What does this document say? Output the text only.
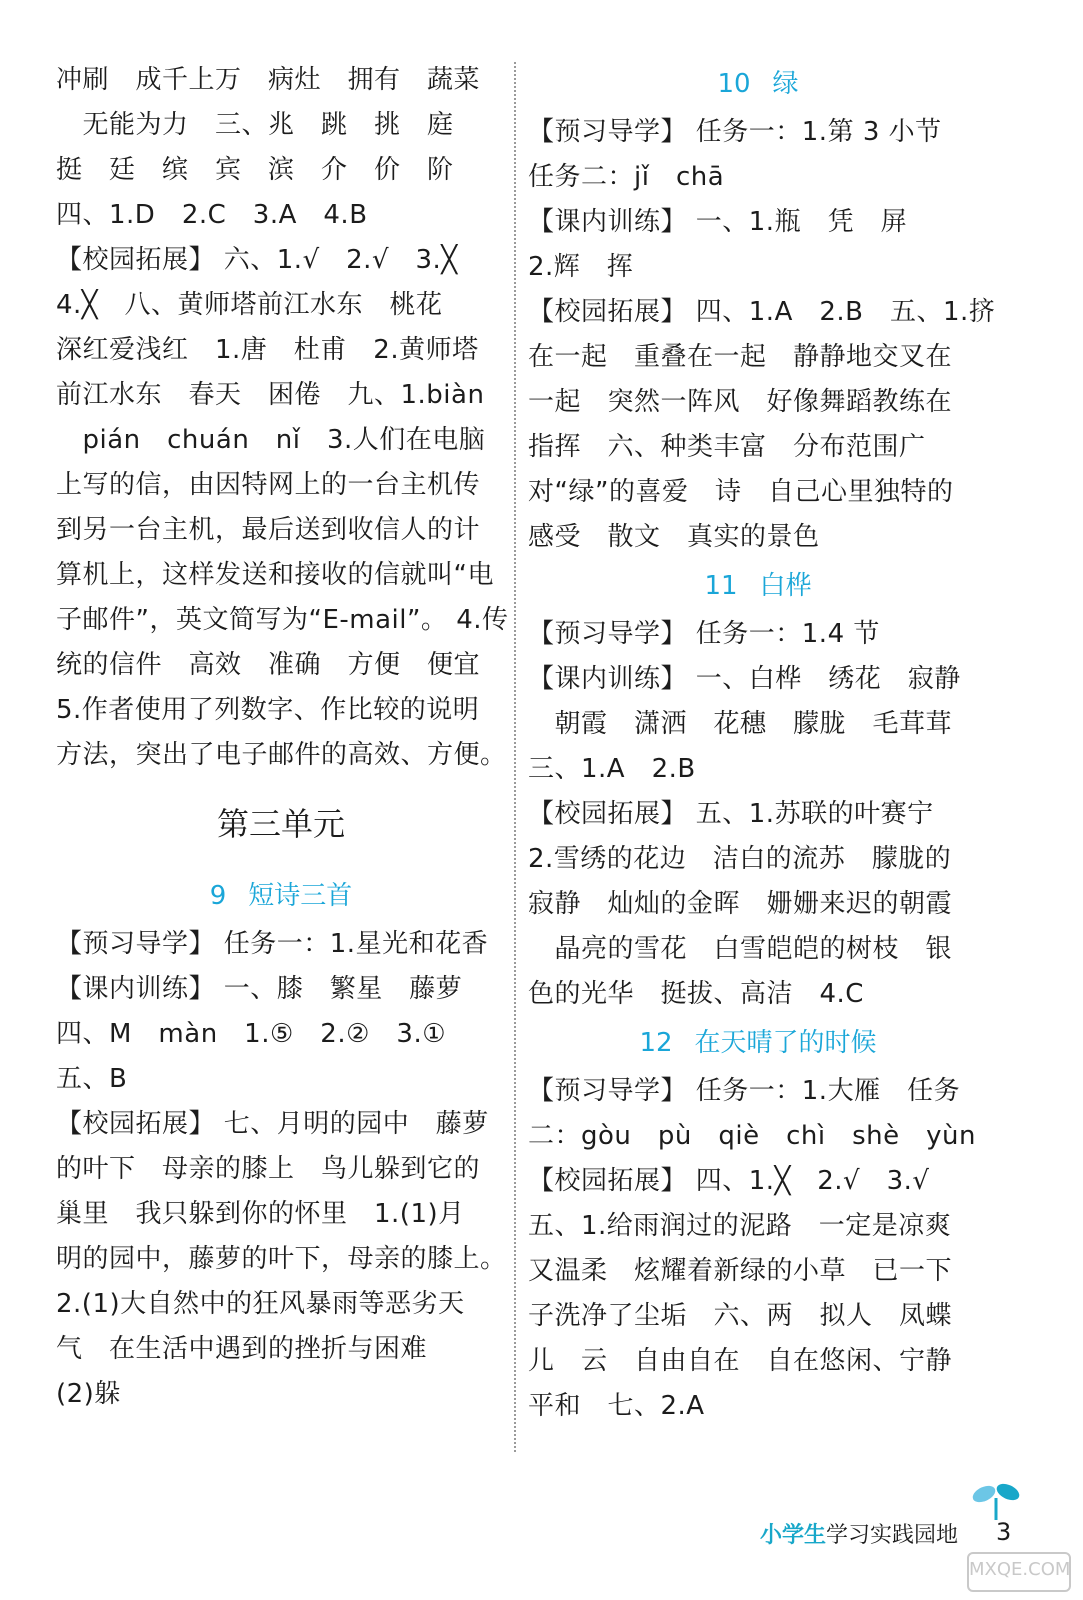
冲刷　成千上万　病灶　拥有　蔬菜
　无能为力　三、兆　跳　挑　庭
挺　廷　缤　宾　滨　介　价　阶
四、1.D　2.C　3.A　4.B
【校园拓展】 六、1.√　2.√　3.╳
4.╳　八、黄师塔前江水东　桃花
深红爱浅红　1.唐　杜甫　2.黄师塔
前江水东　春天　困倦　九、1.biàn
　pián　chuán　nǐ　3.人们在电脑
上写的信，由因特网上的一台主机传
到另一台主机，最后送到收信人的计
算机上，这样发送和接收的信就叫“电
子邮件”，英文简写为“E-mail”。 4.传
统的信件　高效　准确　方便　便宜
5.作者使用了列数字、作比较的说明
方法，突出了电子邮件的高效、方便。
第三单元
9 短诗三首
【预习导学】 任务一：1.星光和花香
【课内训练】 一、膝　繁星　藤萝
四、M　màn　1.⑤　2.②　3.①
五、B
【校园拓展】 七、月明的园中　藤萝
的叶下　母亲的膝上　鸟儿躲到它的
巢里　我只躲到你的怀里　1.(1)月
明的园中，藤萝的叶下，母亲的膝上。
2.(1)大自然中的狂风暴雨等恶劣天
气　在生活中遇到的挫折与困难
(2)躲
10 绿
【预习导学】 任务一：1.第 3 小节
任务二：jǐ　chā
【课内训练】 一、1.瓶　凭　屏
2.辉　挥
【校园拓展】 四、1.A　2.B　五、1.挤
在一起　重叠在一起　静静地交叉在
一起　突然一阵风　好像舞蹈教练在
指挥　六、种类丰富　分布范围广
对“绿”的喜爱　诗　自己心里独特的
感受　散文　真实的景色
11 白桦
【预习导学】 任务一：1.4 节
【课内训练】 一、白桦　绣花　寂静
　朝霞　潇洒　花穗　朦胧　毛茸茸
三、1.A　2.B
【校园拓展】 五、1.苏联的叶赛宁
2.雪绣的花边　洁白的流苏　朦胧的
寂静　灿灿的金晖　姗姗来迟的朝霞
　晶亮的雪花　白雪皑皑的树枝　银
色的光华　挺拔、高洁　4.C
12 在天晴了的时候
【预习导学】 任务一：1.大雁　任务
二：gòu　pù　qiè　chì　shè　yùn
【校园拓展】 四、1.╳　2.√　3.√
五、1.给雨润过的泥路　一定是凉爽
又温柔　炫耀着新绿的小草　已一下
子洗净了尘垢　六、两　拟人　凤蝶
儿　云　自由自在　自在悠闲、宁静
平和　七、2.A
小学生学习实践园地 3
MXQE.COM
